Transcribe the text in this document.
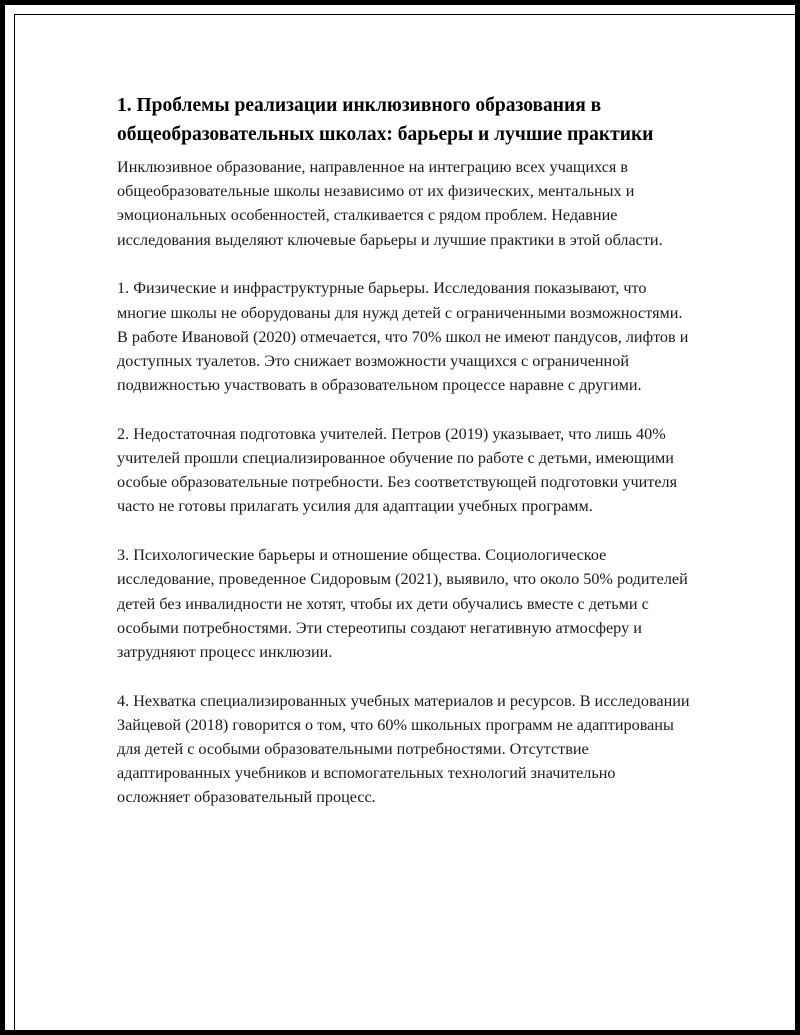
1. Проблемы реализации инклюзивного образования в общеобразовательных школах: барьеры и лучшие практики

Инклюзивное образование, направленное на интеграцию всех учащихся в общеобразовательные школы независимо от их физических, ментальных и эмоциональных особенностей, сталкивается с рядом проблем. Недавние исследования выделяют ключевые барьеры и лучшие практики в этой области.

1. Физические и инфраструктурные барьеры. Исследования показывают, что многие школы не оборудованы для нужд детей с ограниченными возможностями. В работе Ивановой (2020) отмечается, что 70% школ не имеют пандусов, лифтов и доступных туалетов. Это снижает возможности учащихся с ограниченной подвижностью участвовать в образовательном процессе наравне с другими.

2. Недостаточная подготовка учителей. Петров (2019) указывает, что лишь 40% учителей прошли специализированное обучение по работе с детьми, имеющими особые образовательные потребности. Без соответствующей подготовки учителя часто не готовы прилагать усилия для адаптации учебных программ.

3. Психологические барьеры и отношение общества. Социологическое исследование, проведенное Сидоровым (2021), выявило, что около 50% родителей детей без инвалидности не хотят, чтобы их дети обучались вместе с детьми с особыми потребностями. Эти стереотипы создают негативную атмосферу и затрудняют процесс инклюзии.

4. Нехватка специализированных учебных материалов и ресурсов. В исследовании Зайцевой (2018) говорится о том, что 60% школьных программ не адаптированы для детей с особыми образовательными потребностями. Отсутствие адаптированных учебников и вспомогательных технологий значительно осложняет образовательный процесс.
